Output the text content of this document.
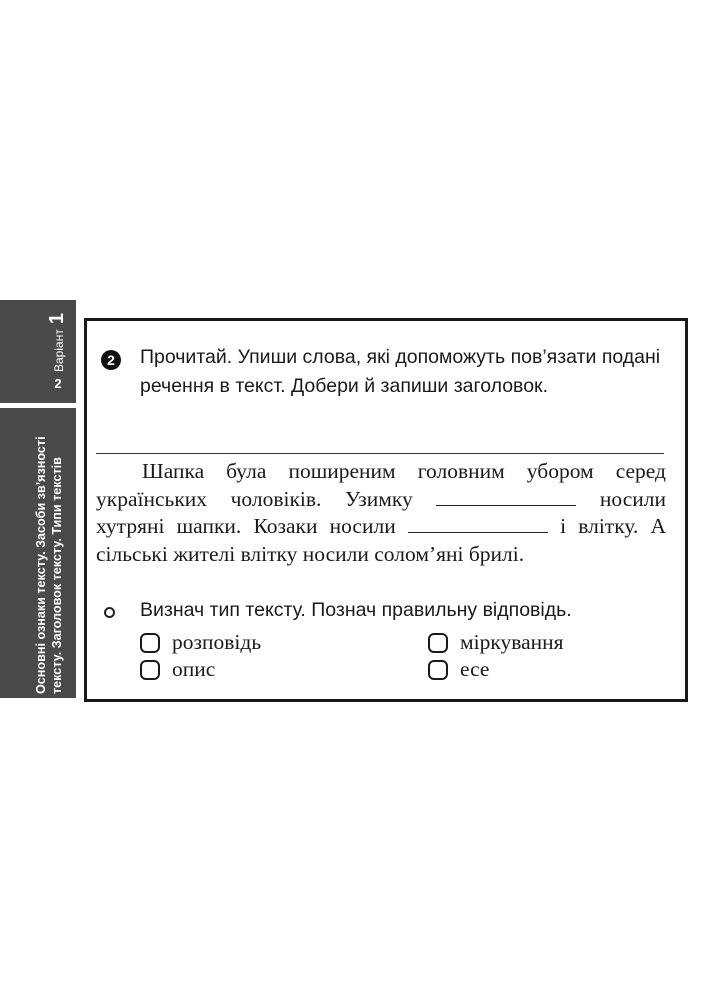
Варіант
1
2
Основні ознаки тексту. Засоби зв’язності тексту. Заголовок тексту. Типи текстів
2	Прочитай. Упиши слова, які допоможуть пов’язати подані речення в текст. Добери й запиши заголовок.

Шапка була поширеним головним убором серед українських чоловіків. Узимку	носили хутряні шапки. Козаки носили	і влітку. А сільські жителі влітку носили солом’яні брилі.

Визнач тип тексту. Познач правильну відповідь.
розповідь	міркування
опис	есе
